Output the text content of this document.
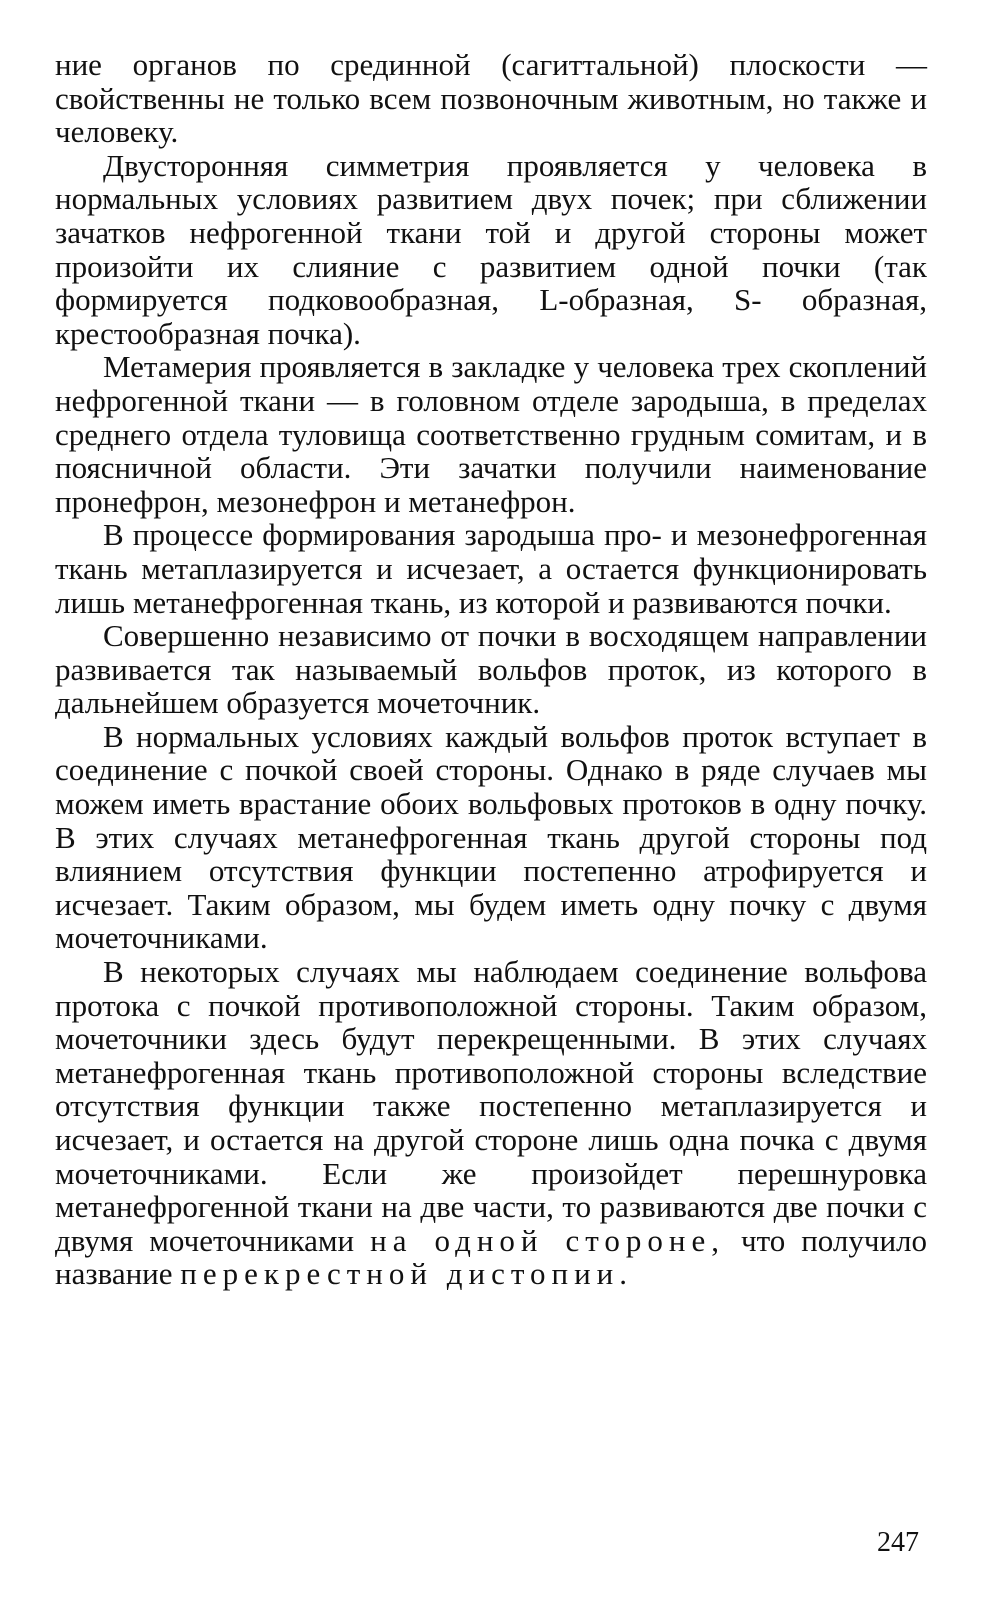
ние органов по срединной (сагиттальной) плоскости — свойственны не только всем позвоночным животным, но также и человеку.

Двусторонняя симметрия проявляется у человека в нормальных условиях развитием двух почек; при сближении зачатков нефрогенной ткани той и другой стороны может произойти их слияние с развитием одной почки (так формируется подковообразная, L-образная, S- образная, крестообразная почка).

Метамерия проявляется в закладке у человека трех скоплений нефрогенной ткани — в головном отделе зародыша, в пределах среднего отдела туловища соответственно грудным сомитам, и в поясничной области. Эти зачатки получили наименование пронефрон, мезонефрон и метанефрон.

В процессе формирования зародыша про- и мезонефрогенная ткань метаплазируется и исчезает, а остается функционировать лишь метанефрогенная ткань, из которой и развиваются почки.

Совершенно независимо от почки в восходящем направлении развивается так называемый вольфов проток, из которого в дальнейшем образуется мочеточник.

В нормальных условиях каждый вольфов проток вступает в соединение с почкой своей стороны. Однако в ряде случаев мы можем иметь врастание обоих вольфовых протоков в одну почку. В этих случаях метанефрогенная ткань другой стороны под влиянием отсутствия функции постепенно атрофируется и исчезает. Таким образом, мы будем иметь одну почку с двумя мочеточниками.

В некоторых случаях мы наблюдаем соединение вольфова протока с почкой противоположной стороны. Таким образом, мочеточники здесь будут перекрещенными. В этих случаях метанефрогенная ткань противоположной стороны вследствие отсутствия функции также постепенно метаплазируется и исчезает, и остается на другой стороне лишь одна почка с двумя мочеточниками. Если же произойдет перешнуровка метанефрогенной ткани на две части, то развиваются две почки с двумя мочеточниками на одной стороне, что получило название перекрестной дистопии.

247
